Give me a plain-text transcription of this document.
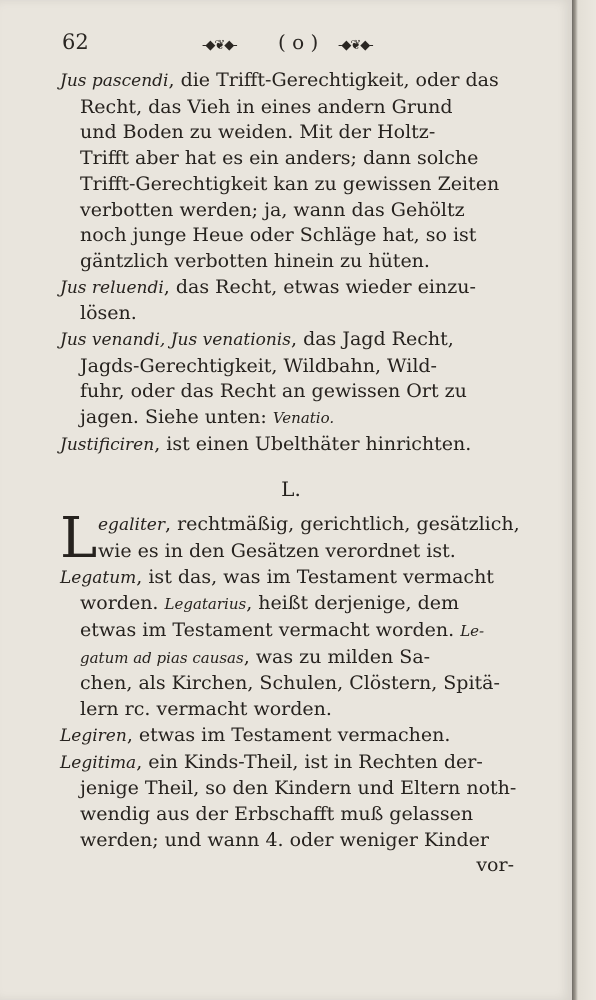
62	-◆❦◆- ( o ) -◆❦◆-

Jus pascendi, die Trifft-Gerechtigkeit, oder das

Recht, das Vieh in eines andern Grund
und Boden zu weiden. Mit der Holtz-
Trifft aber hat es ein anders; dann solche
Trifft-Gerechtigkeit kan zu gewissen Zeiten
verbotten werden; ja, wann das Gehöltz
noch junge Heue oder Schläge hat, so ist
gäntzlich verbotten hinein zu hüten.

Jus reluendi, das Recht, etwas wieder einzu-

lösen.

Jus venandi, Jus venationis, das Jagd Recht,

Jagds-Gerechtigkeit, Wildbahn, Wild-
fuhr, oder das Recht an gewissen Ort zu
jagen. Siehe unten: Venatio.

Justificiren, ist einen Ubelthäter hinrichten.

L.

L egaliter, rechtmäßig, gerichtlich, gesätzlich,
wie es in den Gesätzen verordnet ist.

Legatum, ist das, was im Testament vermacht

worden. Legatarius, heißt derjenige, dem
etwas im Testament vermacht worden. Le-
gatum ad pias causas, was zu milden Sa-
chen, als Kirchen, Schulen, Clöstern, Spitä-
lern rc. vermacht worden.

Legiren, etwas im Testament vermachen.

Legitima, ein Kinds-Theil, ist in Rechten der-

jenige Theil, so den Kindern und Eltern noth-
wendig aus der Erbschafft muß gelassen
werden; und wann 4. oder weniger Kinder

vor-
